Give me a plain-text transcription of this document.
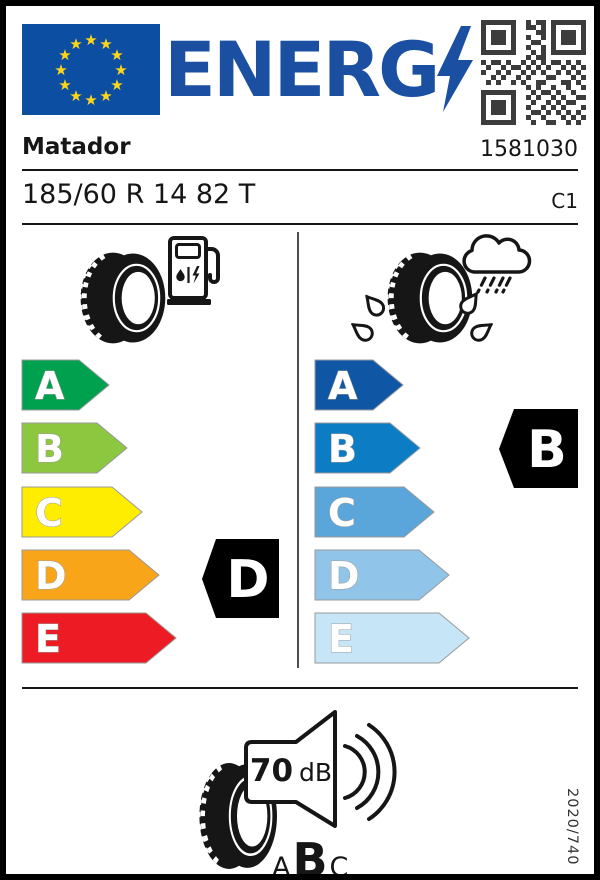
★ ★
★
★
★
★
★
★
★
★
★
★ ENERG
Matador	1581030
185/60 R 14 82 T	C1
A
B
C
D
E
D
A
B
C
D
E
B
70 dB
A B C
2020/740
